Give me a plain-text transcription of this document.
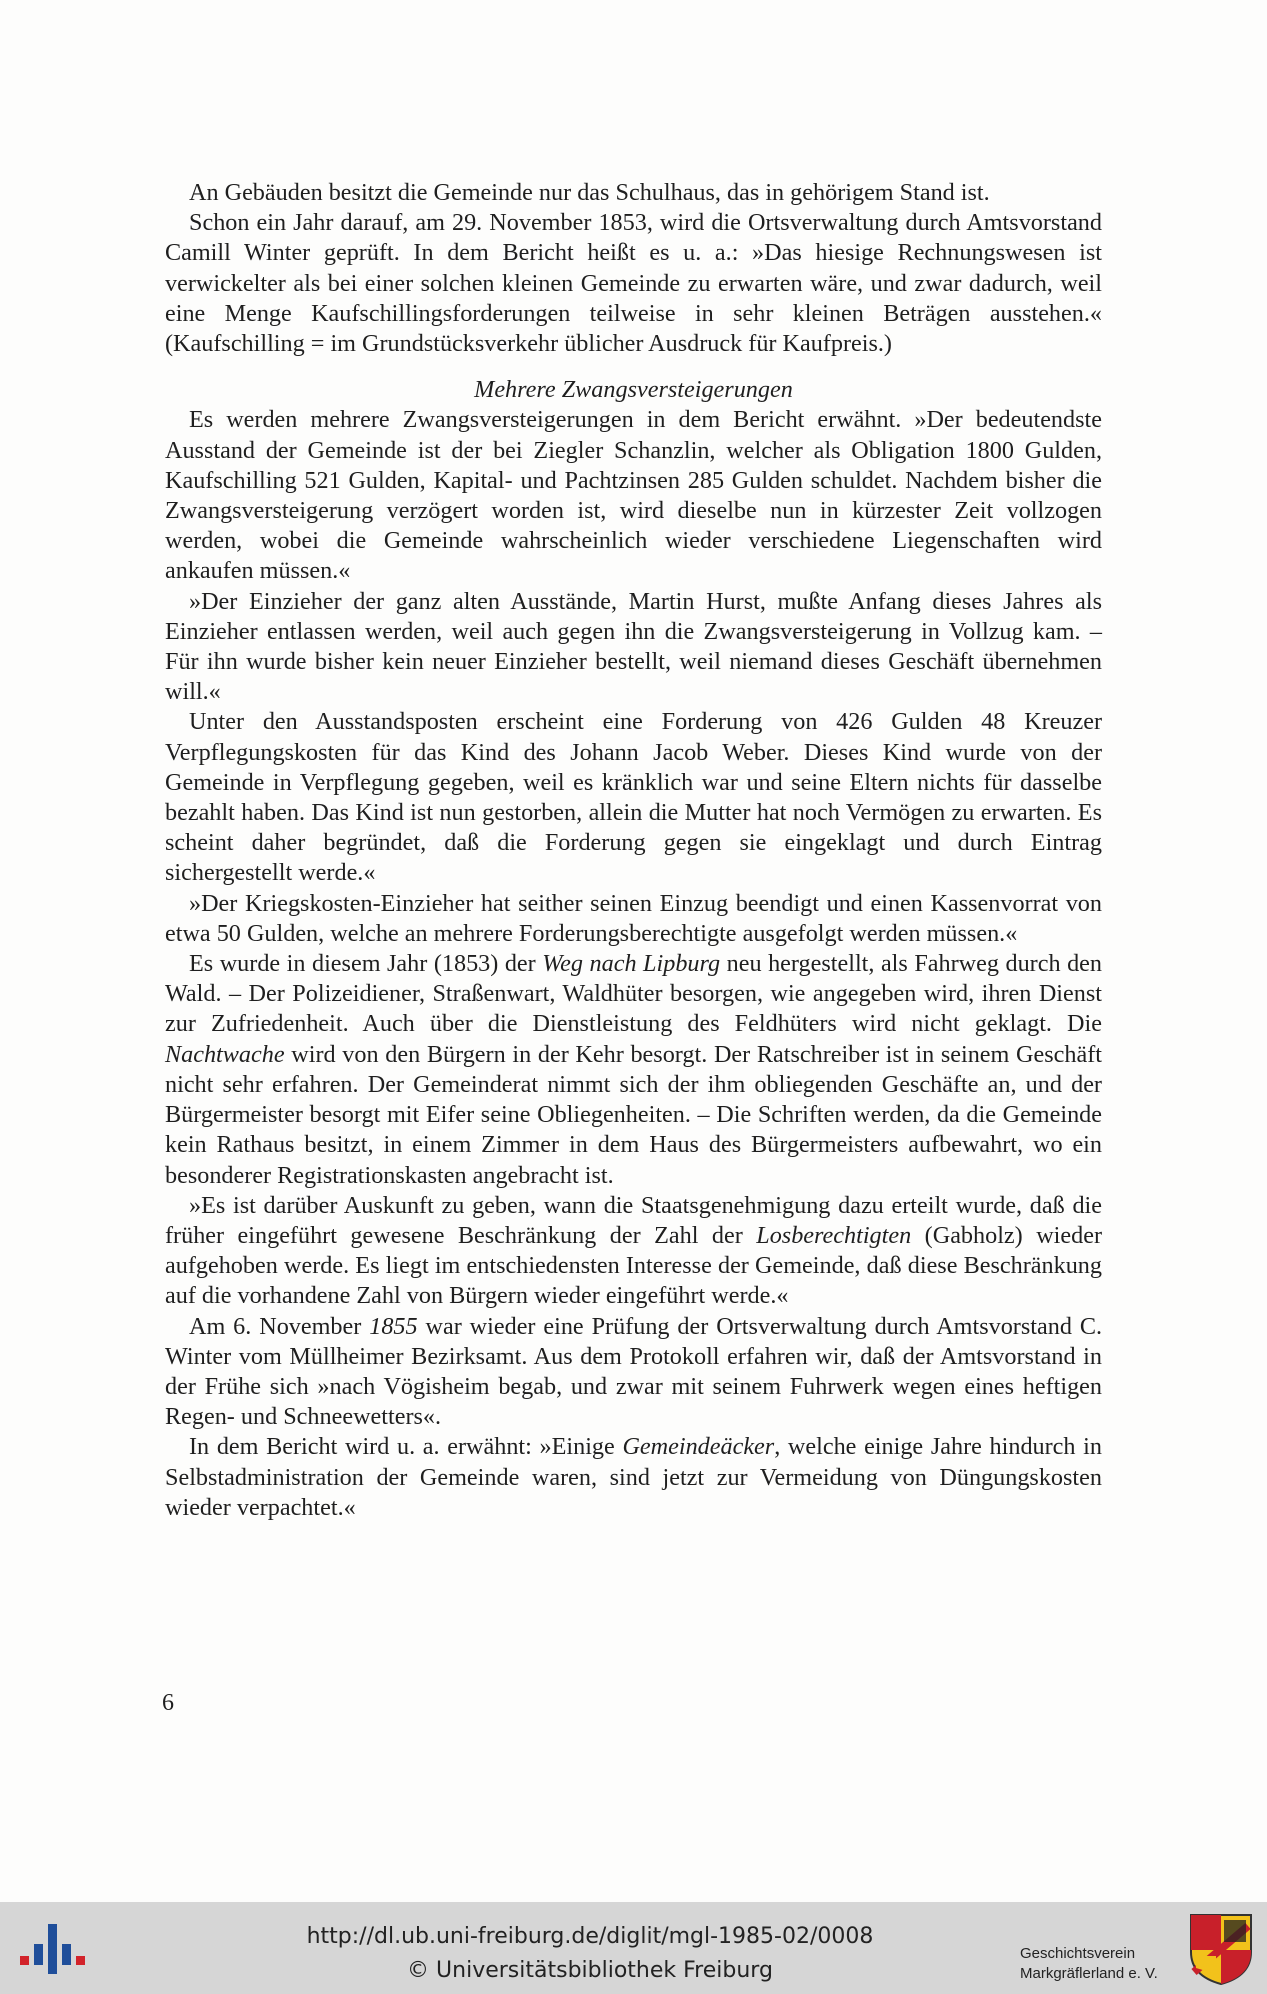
An Gebäuden besitzt die Gemeinde nur das Schulhaus, das in gehörigem Stand ist.

Schon ein Jahr darauf, am 29. November 1853, wird die Ortsverwaltung durch Amtsvorstand Camill Winter geprüft. In dem Bericht heißt es u. a.: »Das hiesige Rechnungswesen ist verwickelter als bei einer solchen kleinen Gemeinde zu erwarten wäre, und zwar dadurch, weil eine Menge Kaufschillingsforderungen teilweise in sehr kleinen Beträgen ausstehen.« (Kaufschilling = im Grundstücksverkehr üblicher Ausdruck für Kaufpreis.)

Mehrere Zwangsversteigerungen

Es werden mehrere Zwangsversteigerungen in dem Bericht erwähnt. »Der bedeutendste Ausstand der Gemeinde ist der bei Ziegler Schanzlin, welcher als Obligation 1800 Gulden, Kaufschilling 521 Gulden, Kapital- und Pachtzinsen 285 Gulden schuldet. Nachdem bisher die Zwangsversteigerung verzögert worden ist, wird dieselbe nun in kürzester Zeit vollzogen werden, wobei die Gemeinde wahrscheinlich wieder verschiedene Liegenschaften wird ankaufen müssen.«

»Der Einzieher der ganz alten Ausstände, Martin Hurst, mußte Anfang dieses Jahres als Einzieher entlassen werden, weil auch gegen ihn die Zwangsversteigerung in Vollzug kam. – Für ihn wurde bisher kein neuer Einzieher bestellt, weil niemand dieses Geschäft übernehmen will.«

Unter den Ausstandsposten erscheint eine Forderung von 426 Gulden 48 Kreuzer Verpflegungskosten für das Kind des Johann Jacob Weber. Dieses Kind wurde von der Gemeinde in Verpflegung gegeben, weil es kränklich war und seine Eltern nichts für dasselbe bezahlt haben. Das Kind ist nun gestorben, allein die Mutter hat noch Vermögen zu erwarten. Es scheint daher begründet, daß die Forderung gegen sie eingeklagt und durch Eintrag sichergestellt werde.«

»Der Kriegskosten-Einzieher hat seither seinen Einzug beendigt und einen Kassenvorrat von etwa 50 Gulden, welche an mehrere Forderungsberechtigte ausgefolgt werden müssen.«

Es wurde in diesem Jahr (1853) der Weg nach Lipburg neu hergestellt, als Fahrweg durch den Wald. – Der Polizeidiener, Straßenwart, Waldhüter besorgen, wie angegeben wird, ihren Dienst zur Zufriedenheit. Auch über die Dienstleistung des Feldhüters wird nicht geklagt. Die Nachtwache wird von den Bürgern in der Kehr besorgt. Der Ratschreiber ist in seinem Geschäft nicht sehr erfahren. Der Gemeinderat nimmt sich der ihm obliegenden Geschäfte an, und der Bürgermeister besorgt mit Eifer seine Obliegenheiten. – Die Schriften werden, da die Gemeinde kein Rathaus besitzt, in einem Zimmer in dem Haus des Bürgermeisters aufbewahrt, wo ein besonderer Registrationskasten angebracht ist.

»Es ist darüber Auskunft zu geben, wann die Staatsgenehmigung dazu erteilt wurde, daß die früher eingeführt gewesene Beschränkung der Zahl der Losberechtigten (Gabholz) wieder aufgehoben werde. Es liegt im entschiedensten Interesse der Gemeinde, daß diese Beschränkung auf die vorhandene Zahl von Bürgern wieder eingeführt werde.«

Am 6. November 1855 war wieder eine Prüfung der Ortsverwaltung durch Amtsvorstand C. Winter vom Müllheimer Bezirksamt. Aus dem Protokoll erfahren wir, daß der Amtsvorstand in der Frühe sich »nach Vögisheim begab, und zwar mit seinem Fuhrwerk wegen eines heftigen Regen- und Schneewetters«.

In dem Bericht wird u. a. erwähnt: »Einige Gemeindeäcker, welche einige Jahre hindurch in Selbstadministration der Gemeinde waren, sind jetzt zur Vermeidung von Düngungskosten wieder verpachtet.«

6
http://dl.ub.uni-freiburg.de/diglit/mgl-1985-02/0008
© Universitätsbibliothek Freiburg
Geschichtsverein
Markgräflerland e. V.
